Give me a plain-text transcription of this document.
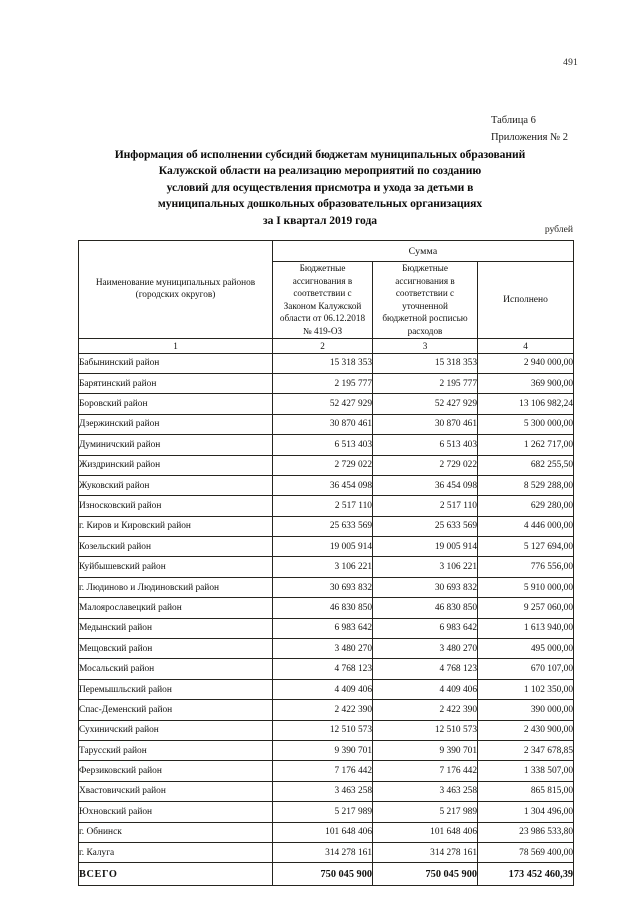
491
Таблица 6
Приложения № 2
Информация об исполнении субсидий бюджетам муниципальных образований
Калужской области на реализацию мероприятий по созданию
условий для осуществления присмотра и ухода за детьми в
муниципальных дошкольных образовательных организациях
за I квартал 2019 года
рублей
Наименование муниципальных районов
(городских округов)	Сумма		
Бюджетные
ассигнования в
соответствии с
Законом Калужской
области от 06.12.2018
№ 419-ОЗ	Бюджетные
ассигнования в
соответствии с
уточненной
бюджетной росписью
расходов	Исполнено
1	2	3	4
Бабынинский район	15 318 353	15 318 353	2 940 000,00
Барятинский район	2 195 777	2 195 777	369 900,00
Боровский район	52 427 929	52 427 929	13 106 982,24
Дзержинский район	30 870 461	30 870 461	5 300 000,00
Думиничский район	6 513 403	6 513 403	1 262 717,00
Жиздринский район	2 729 022	2 729 022	682 255,50
Жуковский район	36 454 098	36 454 098	8 529 288,00
Износковский район	2 517 110	2 517 110	629 280,00
г. Киров и Кировский район	25 633 569	25 633 569	4 446 000,00
Козельский район	19 005 914	19 005 914	5 127 694,00
Куйбышевский район	3 106 221	3 106 221	776 556,00
г. Людиново и Людиновский район	30 693 832	30 693 832	5 910 000,00
Малоярославецкий район	46 830 850	46 830 850	9 257 060,00
Медынский район	6 983 642	6 983 642	1 613 940,00
Мещовский район	3 480 270	3 480 270	495 000,00
Мосальский район	4 768 123	4 768 123	670 107,00
Перемышльский район	4 409 406	4 409 406	1 102 350,00
Спас-Деменский район	2 422 390	2 422 390	390 000,00
Сухиничский район	12 510 573	12 510 573	2 430 900,00
Тарусский район	9 390 701	9 390 701	2 347 678,85
Ферзиковский район	7 176 442	7 176 442	1 338 507,00
Хвастовичский район	3 463 258	3 463 258	865 815,00
Юхновский район	5 217 989	5 217 989	1 304 496,00
г. Обнинск	101 648 406	101 648 406	23 986 533,80
г. Калуга	314 278 161	314 278 161	78 569 400,00
ВСЕГО	750 045 900	750 045 900	173 452 460,39
